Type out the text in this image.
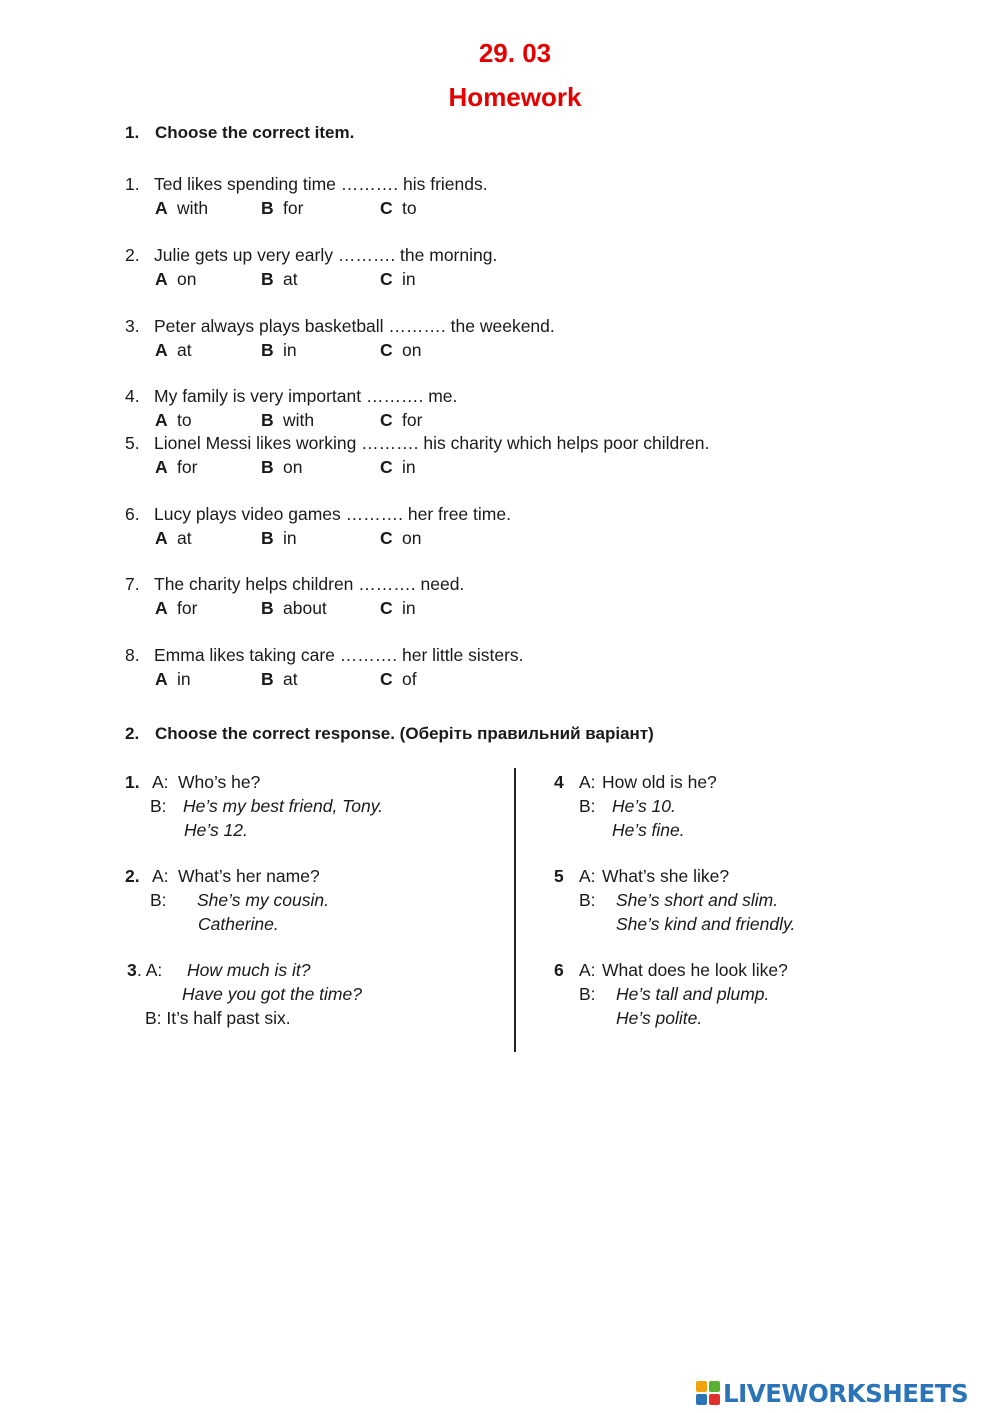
29. 03
Homework
1. Choose the correct item.
1. Ted likes spending time ………. his friends.
A with	B for	C to
2. Julie gets up very early ………. the morning.
A on	B at	C in
3. Peter always plays basketball ………. the weekend.
A at	B in	C on
4. My family is very important ………. me.
A to	B with	C for
5. Lionel Messi likes working ………. his charity which helps poor children.
A for	B on	C in
6. Lucy plays video games ………. her free time.
A at	B in	C on
7. The charity helps children ………. need.
A for	B about	C in
8. Emma likes taking care ………. her little sisters.
A in	B at	C of
2. Choose the correct response. (Оберіть правильний варіант)
1. A: Who’s he?
B: He’s my best friend, Tony.
He’s 12.
2. A: What’s her name?
B: She’s my cousin.
Catherine.
3 . A: How much is it?
Have you got the time?
B: It’s half past six.
4 A: How old is he?
B: He’s 10.
He’s fine.
5 A: What’s she like?
B: She’s short and slim.
She’s kind and friendly.
6 A: What does he look like?
B: He’s tall and plump.
He’s polite.
LIVEWORKSHEETS
